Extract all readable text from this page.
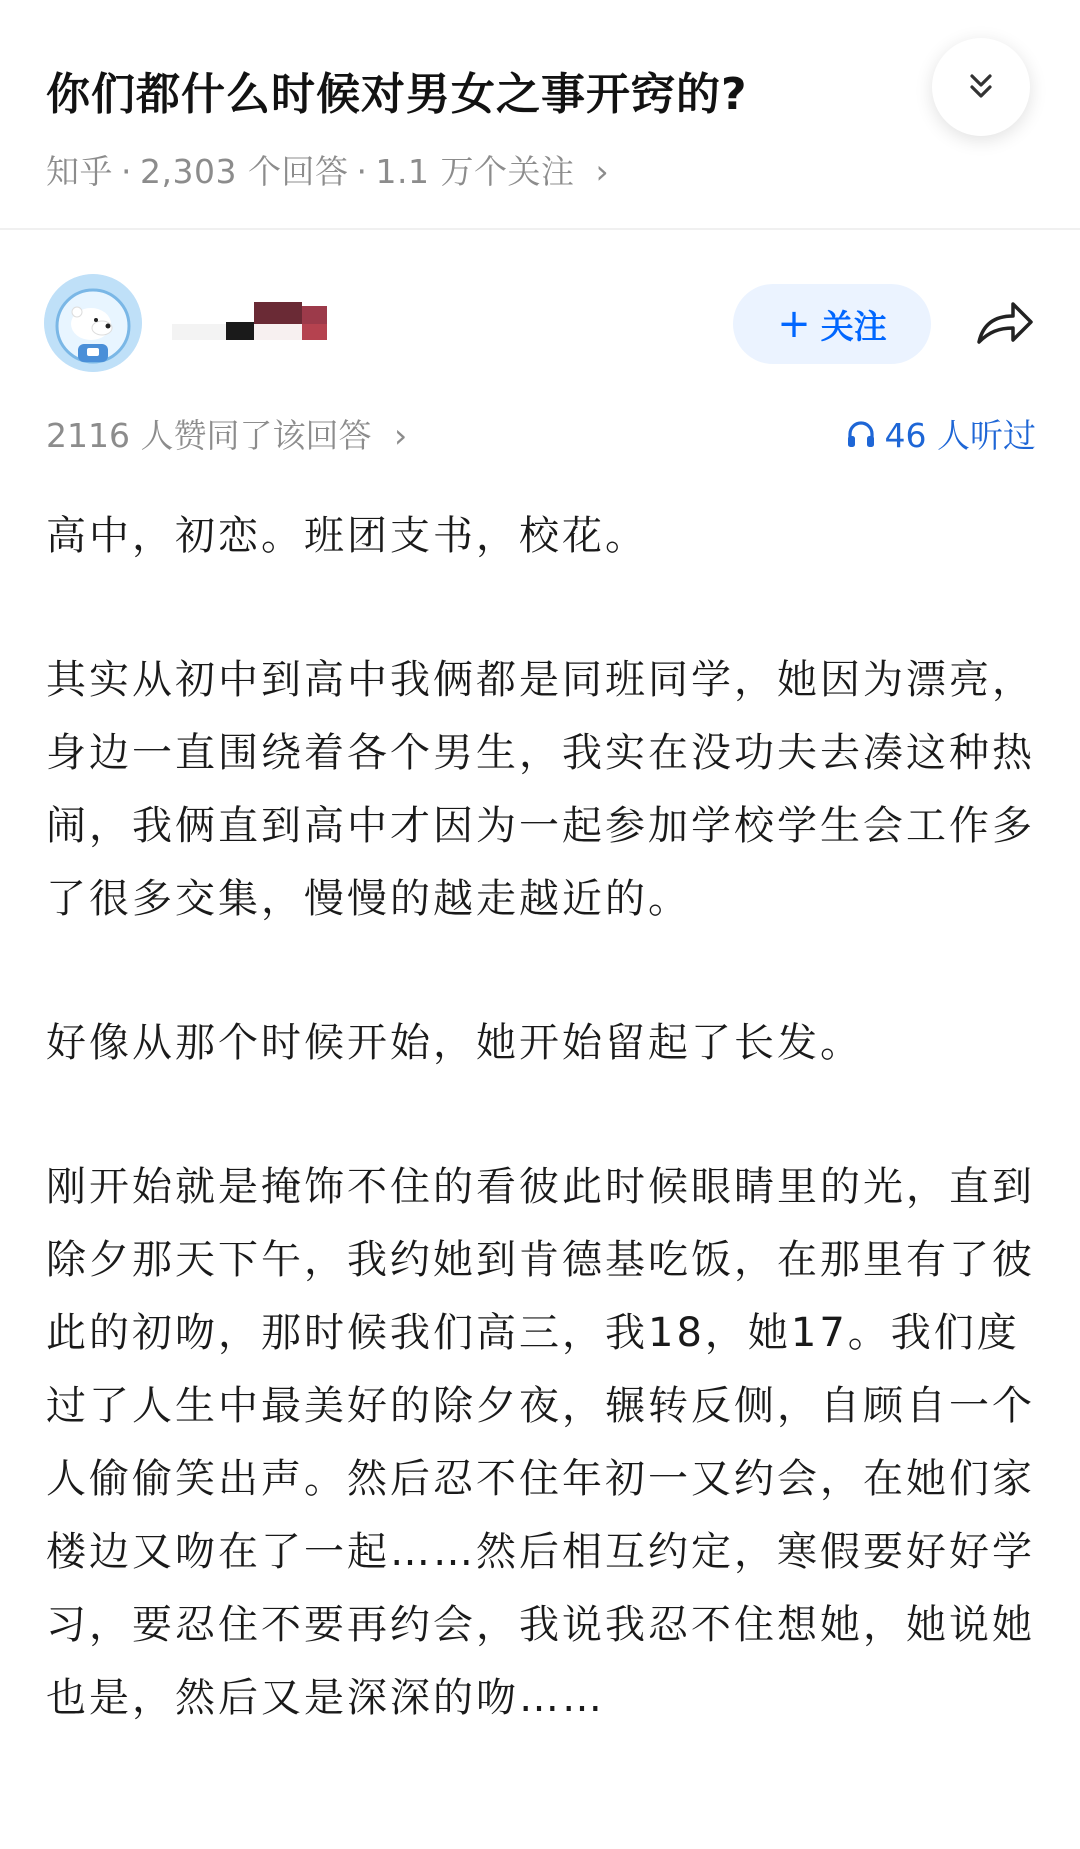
你们都什么时候对男女之事开窍的?
知乎 · 2,303 个回答 · 1.1 万个关注 ›
+ 关注
2116 人赞同了该回答 ›	46 人听过

高中，初恋。班团支书，校花。

其实从初中到高中我俩都是同班同学，她因为漂亮，身边一直围绕着各个男生，我实在没功夫去凑这种热闹，我俩直到高中才因为一起参加学校学生会工作多了很多交集，慢慢的越走越近的。

好像从那个时候开始，她开始留起了长发。

刚开始就是掩饰不住的看彼此时候眼睛里的光，直到除夕那天下午，我约她到肯德基吃饭，在那里有了彼此的初吻，那时候我们高三，我18，她17。我们度过了人生中最美好的除夕夜，辗转反侧，自顾自一个人偷偷笑出声。然后忍不住年初一又约会，在她们家楼边又吻在了一起……然后相互约定，寒假要好好学习，要忍住不要再约会，我说我忍不住想她，她说她也是，然后又是深深的吻……
